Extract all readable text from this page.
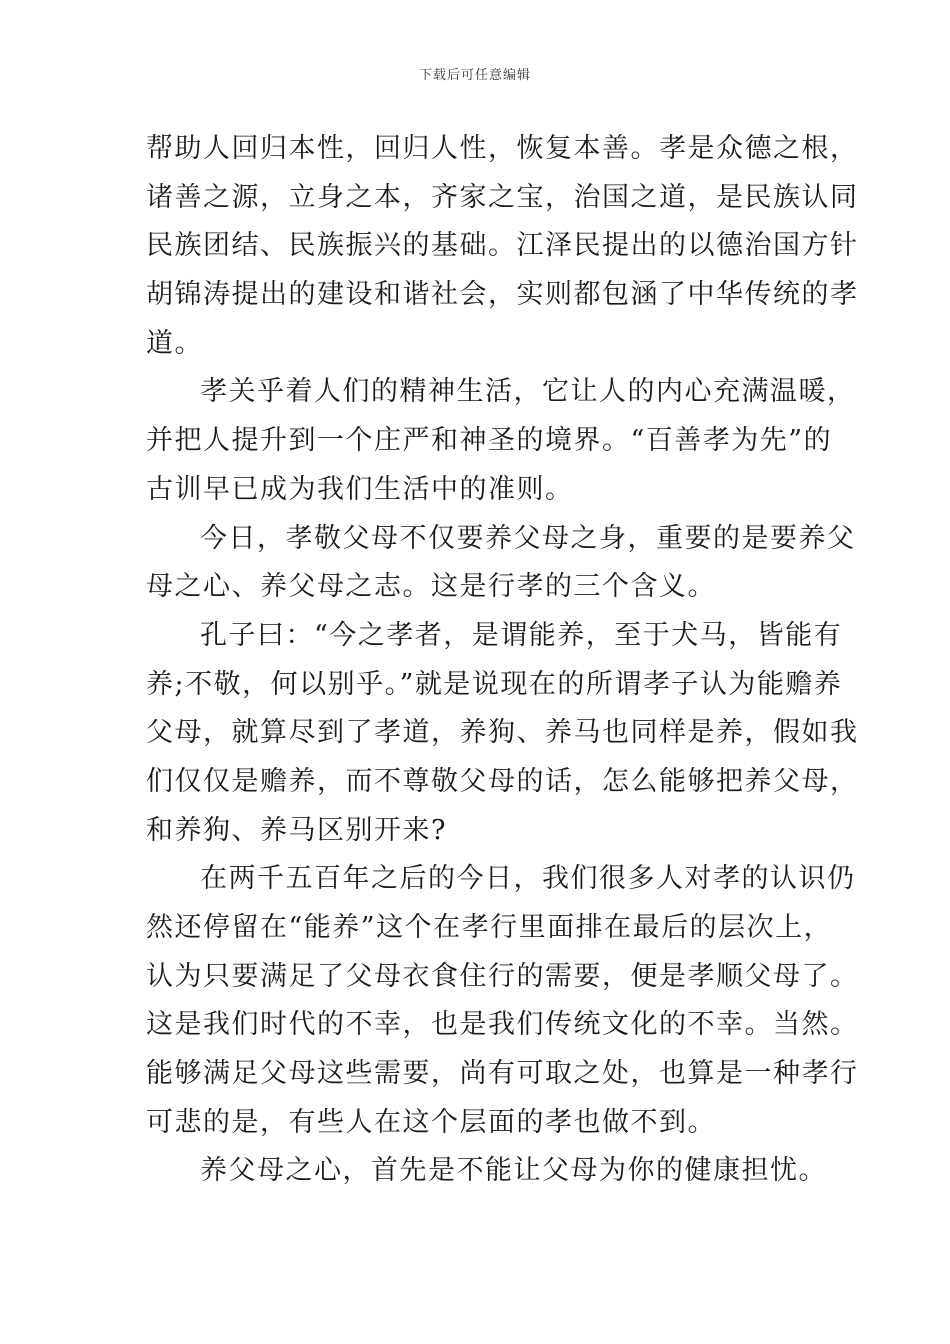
下载后可任意编辑
帮助人回归本性，回归人性，恢复本善。孝是众德之根，
诸善之源，立身之本，齐家之宝，治国之道，是民族认同
民族团结、民族振兴的基础。江泽民提出的以德治国方针
胡锦涛提出的建设和谐社会，实则都包涵了中华传统的孝
道。
孝关乎着人们的精神生活，它让人的内心充满温暖，
并把人提升到一个庄严和神圣的境界。“百善孝为先”的
古训早已成为我们生活中的准则。
今日，孝敬父母不仅要养父母之身，重要的是要养父
母之心、养父母之志。这是行孝的三个含义。
孔子曰：“今之孝者，是谓能养，至于犬马，皆能有
养;不敬，何以别乎。”就是说现在的所谓孝子认为能赡养
父母，就算尽到了孝道，养狗、养马也同样是养，假如我
们仅仅是赡养，而不尊敬父母的话，怎么能够把养父母，
和养狗、养马区别开来?
在两千五百年之后的今日，我们很多人对孝的认识仍
然还停留在“能养”这个在孝行里面排在最后的层次上，
认为只要满足了父母衣食住行的需要，便是孝顺父母了。
这是我们时代的不幸，也是我们传统文化的不幸。当然。
能够满足父母这些需要，尚有可取之处，也算是一种孝行
可悲的是，有些人在这个层面的孝也做不到。
养父母之心，首先是不能让父母为你的健康担忧。
